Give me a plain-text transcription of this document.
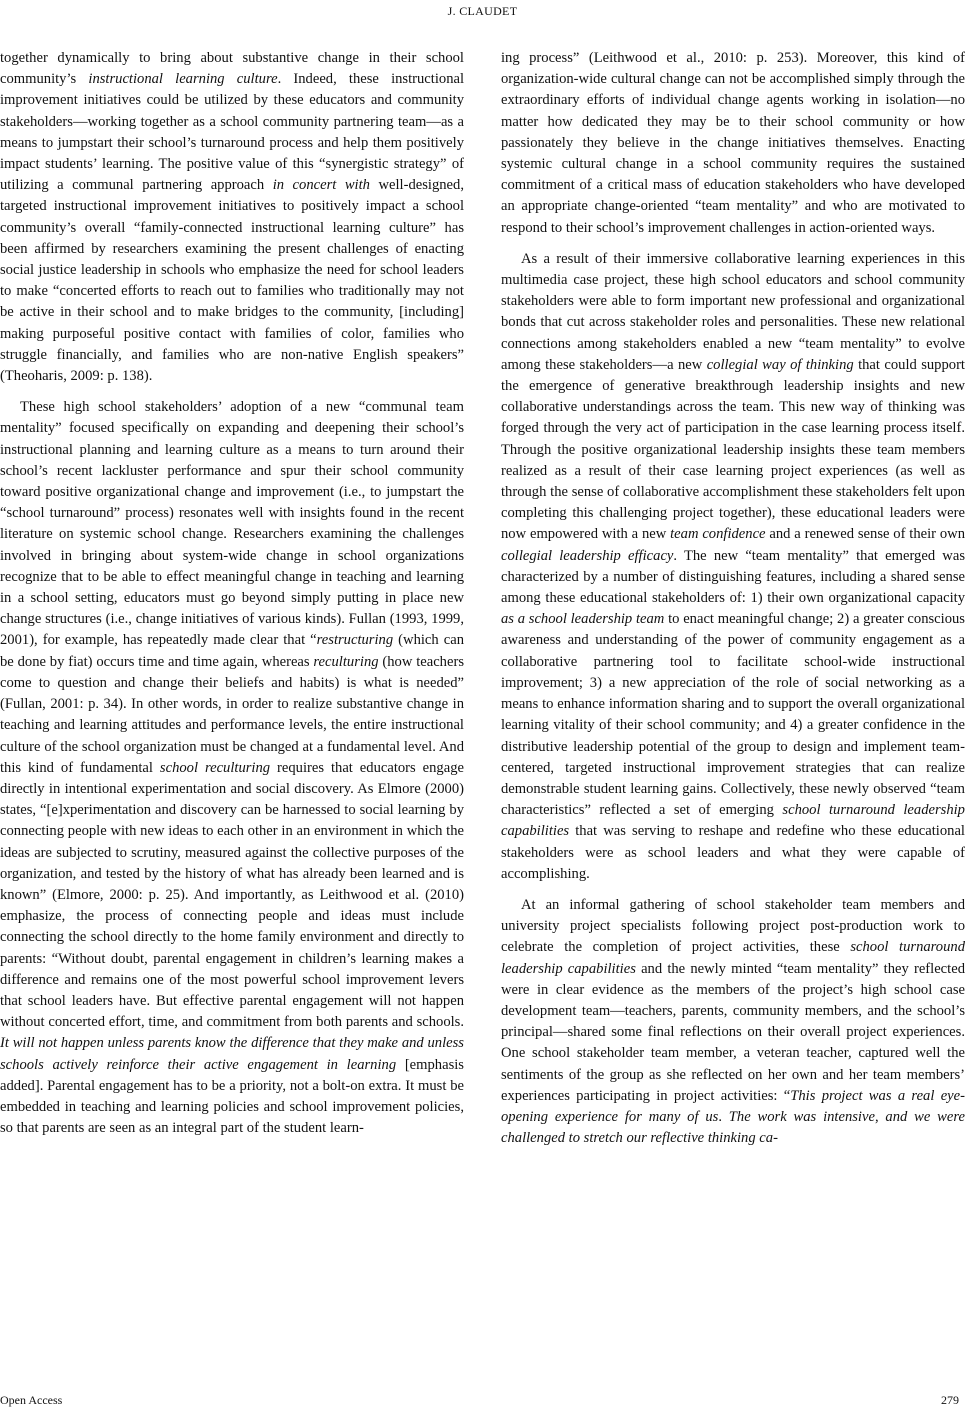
J. CLAUDET

together dynamically to bring about substantive change in their school community’s instructional learning culture. Indeed, these instructional improvement initiatives could be utilized by these educators and community stakeholders—working together as a school community partnering team—as a means to jumpstart their school’s turnaround process and help them positively impact students’ learning. The positive value of this “synergistic strategy” of utilizing a communal partnering approach in concert with well-designed, targeted instructional improvement initiatives to positively impact a school community’s overall “family-connected instructional learning culture” has been affirmed by researchers examining the present challenges of enacting social justice leadership in schools who emphasize the need for school leaders to make “concerted efforts to reach out to families who traditionally may not be active in their school and to make bridges to the community, [including] making purposeful positive contact with families of color, families who struggle financially, and families who are non-native English speakers” (Theoharis, 2009: p. 138).

These high school stakeholders’ adoption of a new “communal team mentality” focused specifically on expanding and deepening their school’s instructional planning and learning culture as a means to turn around their school’s recent lackluster performance and spur their school community toward positive organizational change and improvement (i.e., to jumpstart the “school turnaround” process) resonates well with insights found in the recent literature on systemic school change. Researchers examining the challenges involved in bringing about system-wide change in school organizations recognize that to be able to effect meaningful change in teaching and learning in a school setting, educators must go beyond simply putting in place new change structures (i.e., change initiatives of various kinds). Fullan (1993, 1999, 2001), for example, has repeatedly made clear that “restructuring (which can be done by fiat) occurs time and time again, whereas reculturing (how teachers come to question and change their beliefs and habits) is what is needed” (Fullan, 2001: p. 34). In other words, in order to realize substantive change in teaching and learning attitudes and performance levels, the entire instructional culture of the school organization must be changed at a fundamental level. And this kind of fundamental school reculturing requires that educators engage directly in intentional experimentation and social discovery. As Elmore (2000) states, “[e]xperimentation and discovery can be harnessed to social learning by connecting people with new ideas to each other in an environment in which the ideas are subjected to scrutiny, measured against the collective purposes of the organization, and tested by the history of what has already been learned and is known” (Elmore, 2000: p. 25). And importantly, as Leithwood et al. (2010) emphasize, the process of connecting people and ideas must include connecting the school directly to the home family environment and directly to parents: “Without doubt, parental engagement in children’s learning makes a difference and remains one of the most powerful school improvement levers that school leaders have. But effective parental engagement will not happen without concerted effort, time, and commitment from both parents and schools. It will not happen unless parents know the difference that they make and unless schools actively reinforce their active engagement in learning [emphasis added]. Parental engagement has to be a priority, not a bolt-on extra. It must be embedded in teaching and learning policies and school improvement policies, so that parents are seen as an integral part of the student learn-

ing process” (Leithwood et al., 2010: p. 253). Moreover, this kind of organization-wide cultural change can not be accomplished simply through the extraordinary efforts of individual change agents working in isolation—no matter how dedicated they may be to their school community or how passionately they believe in the change initiatives themselves. Enacting systemic cultural change in a school community requires the sustained commitment of a critical mass of education stakeholders who have developed an appropriate change-oriented “team mentality” and who are motivated to respond to their school’s improvement challenges in action-oriented ways.

As a result of their immersive collaborative learning experiences in this multimedia case project, these high school educators and school community stakeholders were able to form important new professional and organizational bonds that cut across stakeholder roles and personalities. These new relational connections among stakeholders enabled a new “team mentality” to evolve among these stakeholders—a new collegial way of thinking that could support the emergence of generative breakthrough leadership insights and new collaborative understandings across the team. This new way of thinking was forged through the very act of participation in the case learning process itself. Through the positive organizational leadership insights these team members realized as a result of their case learning project experiences (as well as through the sense of collaborative accomplishment these stakeholders felt upon completing this challenging project together), these educational leaders were now empowered with a new team confidence and a renewed sense of their own collegial leadership efficacy. The new “team mentality” that emerged was characterized by a number of distinguishing features, including a shared sense among these educational stakeholders of: 1) their own organizational capacity as a school leadership team to enact meaningful change; 2) a greater conscious awareness and understanding of the power of community engagement as a collaborative partnering tool to facilitate school-wide instructional improvement; 3) a new appreciation of the role of social networking as a means to enhance information sharing and to support the overall organizational learning vitality of their school community; and 4) a greater confidence in the distributive leadership potential of the group to design and implement team-centered, targeted instructional improvement strategies that can realize demonstrable student learning gains. Collectively, these newly observed “team characteristics” reflected a set of emerging school turnaround leadership capabilities that was serving to reshape and redefine who these educational stakeholders were as school leaders and what they were capable of accomplishing.

At an informal gathering of school stakeholder team members and university project specialists following project post-production work to celebrate the completion of project activities, these school turnaround leadership capabilities and the newly minted “team mentality” they reflected were in clear evidence as the members of the project’s high school case development team—teachers, parents, community members, and the school’s principal—shared some final reflections on their overall project experiences. One school stakeholder team member, a veteran teacher, captured well the sentiments of the group as she reflected on her own and her team members’ experiences participating in project activities: “This project was a real eye-opening experience for many of us. The work was intensive, and we were challenged to stretch our reflective thinking ca-

Open Access	279
